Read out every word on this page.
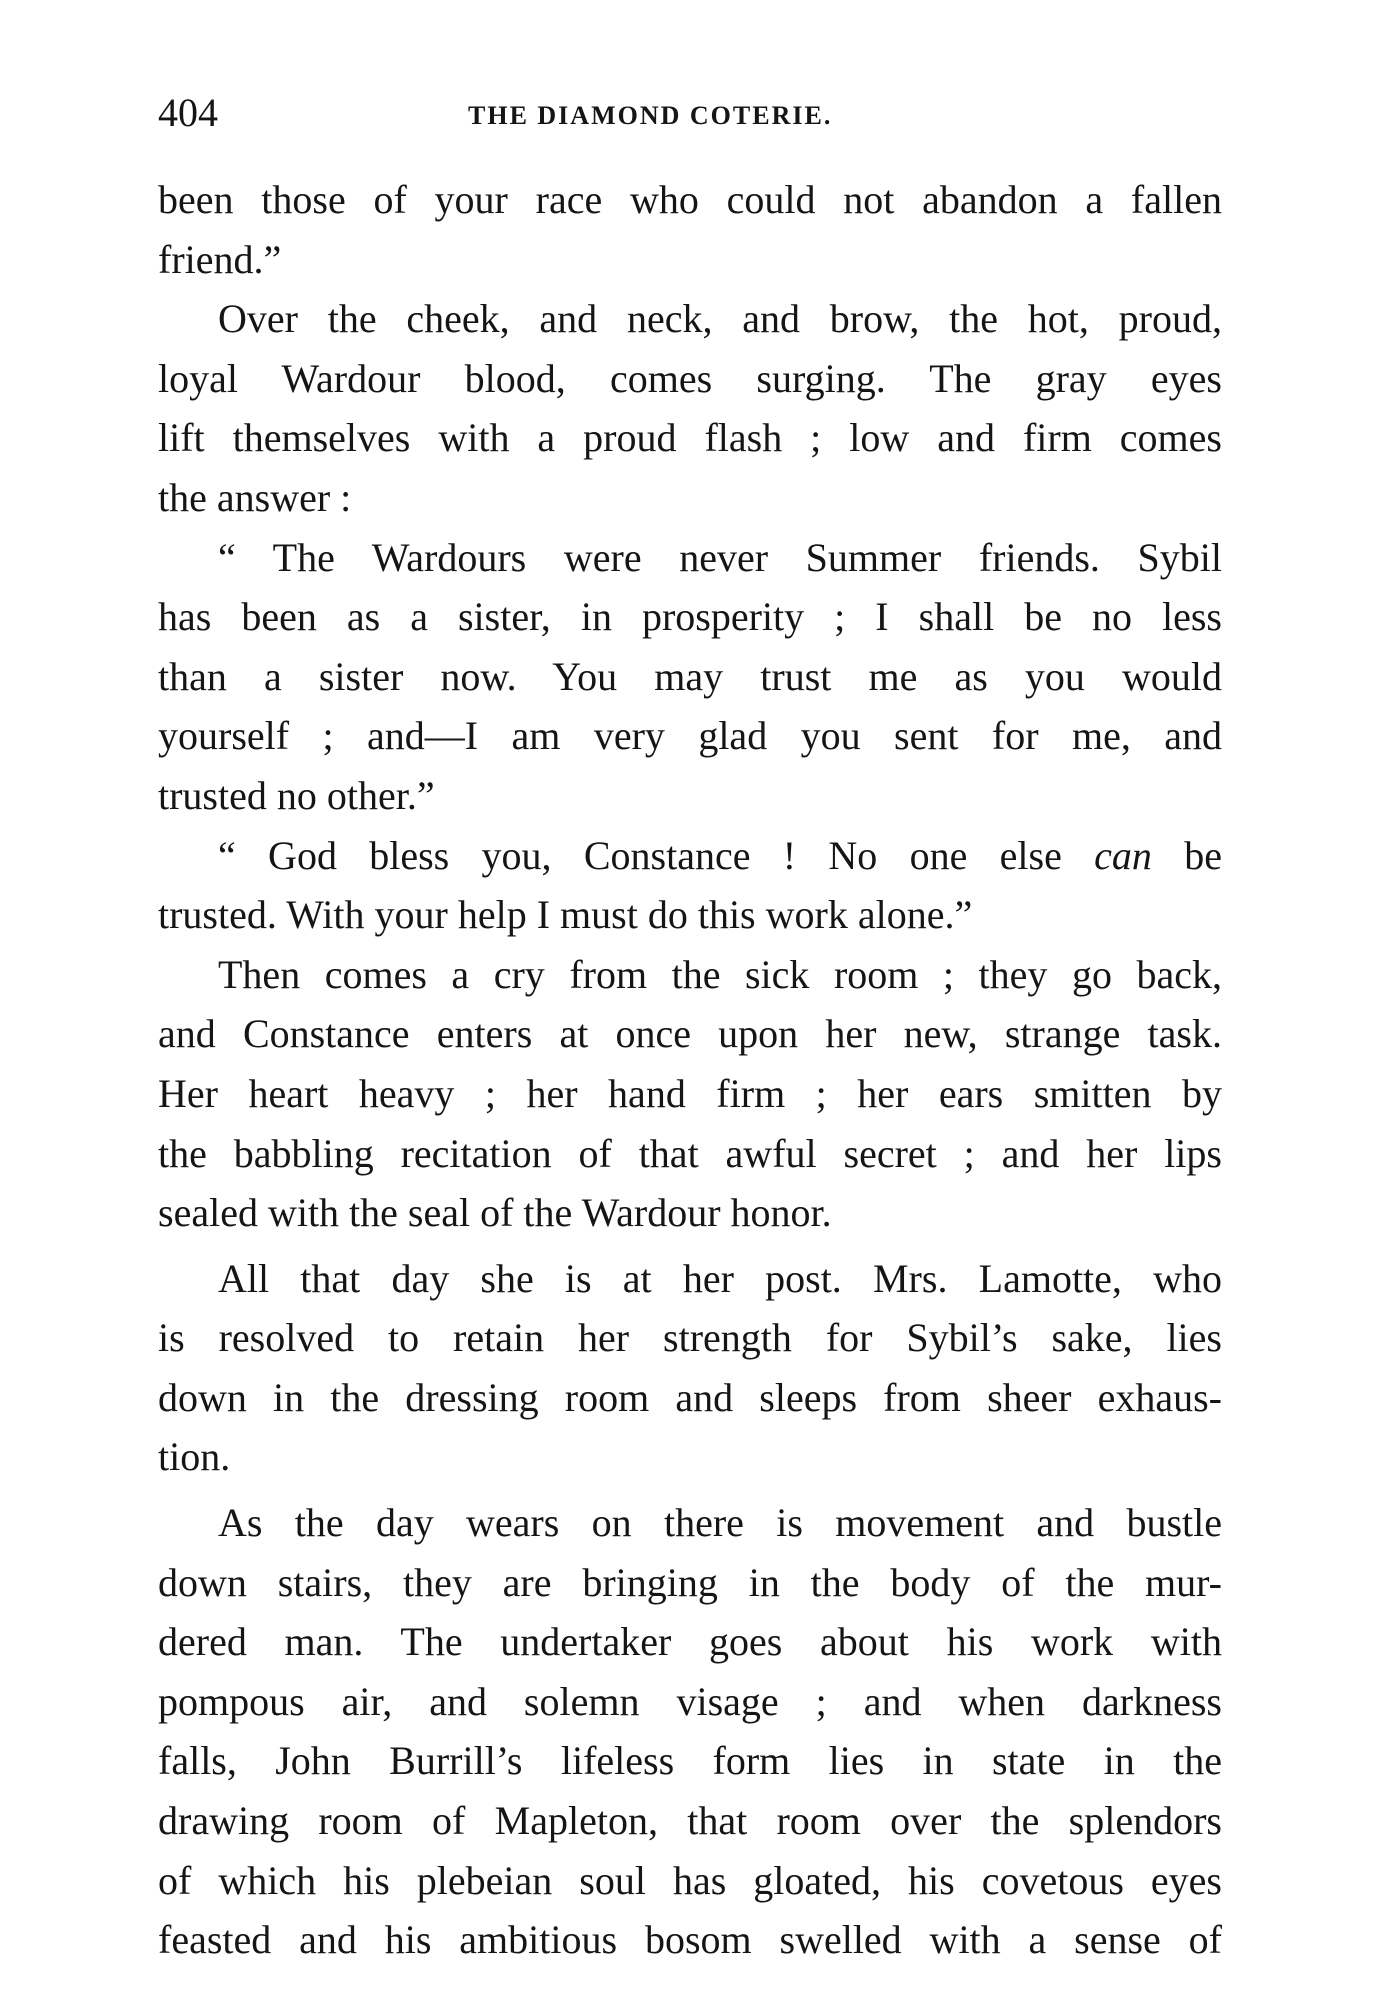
404	THE DIAMOND COTERIE.
been those of your race who could not abandon a fallen
friend.”
Over the cheek, and neck, and brow, the hot, proud,
loyal Wardour blood, comes surging. The gray eyes
lift themselves with a proud flash ; low and firm comes
the answer :
“ The Wardours were never Summer friends. Sybil
has been as a sister, in prosperity ; I shall be no less
than a sister now. You may trust me as you would
yourself ; and—I am very glad you sent for me, and
trusted no other.”
“ God bless you, Constance ! No one else can be
trusted. With your help I must do this work alone.”
Then comes a cry from the sick room ; they go back,
and Constance enters at once upon her new, strange task.
Her heart heavy ; her hand firm ; her ears smitten by
the babbling recitation of that awful secret ; and her lips
sealed with the seal of the Wardour honor.
All that day she is at her post. Mrs. Lamotte, who
is resolved to retain her strength for Sybil’s sake, lies
down in the dressing room and sleeps from sheer exhaus-
tion.
As the day wears on there is movement and bustle
down stairs, they are bringing in the body of the mur-
dered man. The undertaker goes about his work with
pompous air, and solemn visage ; and when darkness
falls, John Burrill’s lifeless form lies in state in the
drawing room of Mapleton, that room over the splendors
of which his plebeian soul has gloated, his covetous eyes
feasted and his ambitious bosom swelled with a sense of
